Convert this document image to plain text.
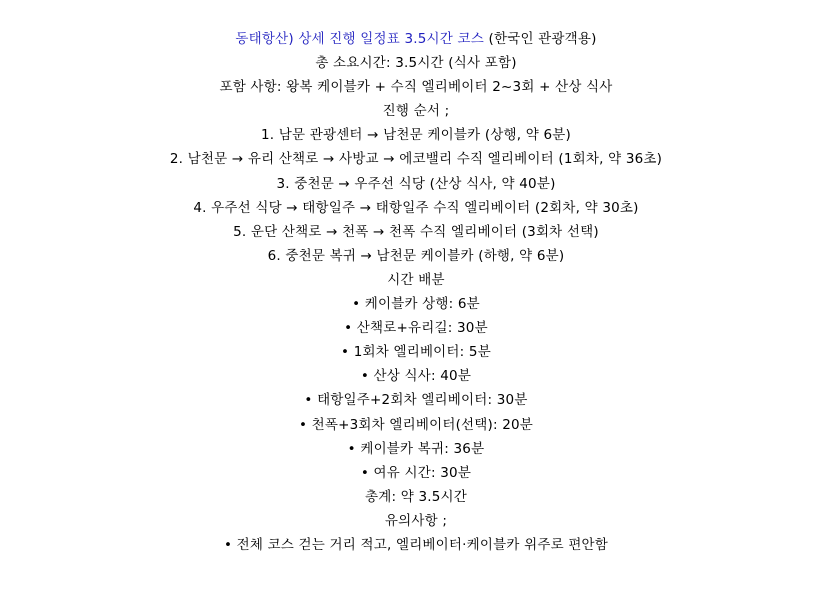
동태항산) 상세 진행 일정표 3.5시간 코스 (한국인 관광객용)
총 소요시간: 3.5시간 (식사 포함)
포함 사항: 왕복 케이블카 + 수직 엘리베이터 2~3회 + 산상 식사
진행 순서 ;
1. 남문 관광센터 → 남천문 케이블카 (상행, 약 6분)
2. 남천문 → 유리 산책로 → 사방교 → 에코밸리 수직 엘리베이터 (1회차, 약 36초)
3. 중천문 → 우주선 식당 (산상 식사, 약 40분)
4. 우주선 식당 → 태항일주 → 태항일주 수직 엘리베이터 (2회차, 약 30초)
5. 운단 산책로 → 천폭 → 천폭 수직 엘리베이터 (3회차 선택)
6. 중천문 복귀 → 남천문 케이블카 (하행, 약 6분)
시간 배분
• 케이블카 상행: 6분
• 산책로+유리길: 30분
• 1회차 엘리베이터: 5분
• 산상 식사: 40분
• 태항일주+2회차 엘리베이터: 30분
• 천폭+3회차 엘리베이터(선택): 20분
• 케이블카 복귀: 36분
• 여유 시간: 30분
총계: 약 3.5시간
유의사항 ;
• 전체 코스 걷는 거리 적고, 엘리베이터·케이블카 위주로 편안함
